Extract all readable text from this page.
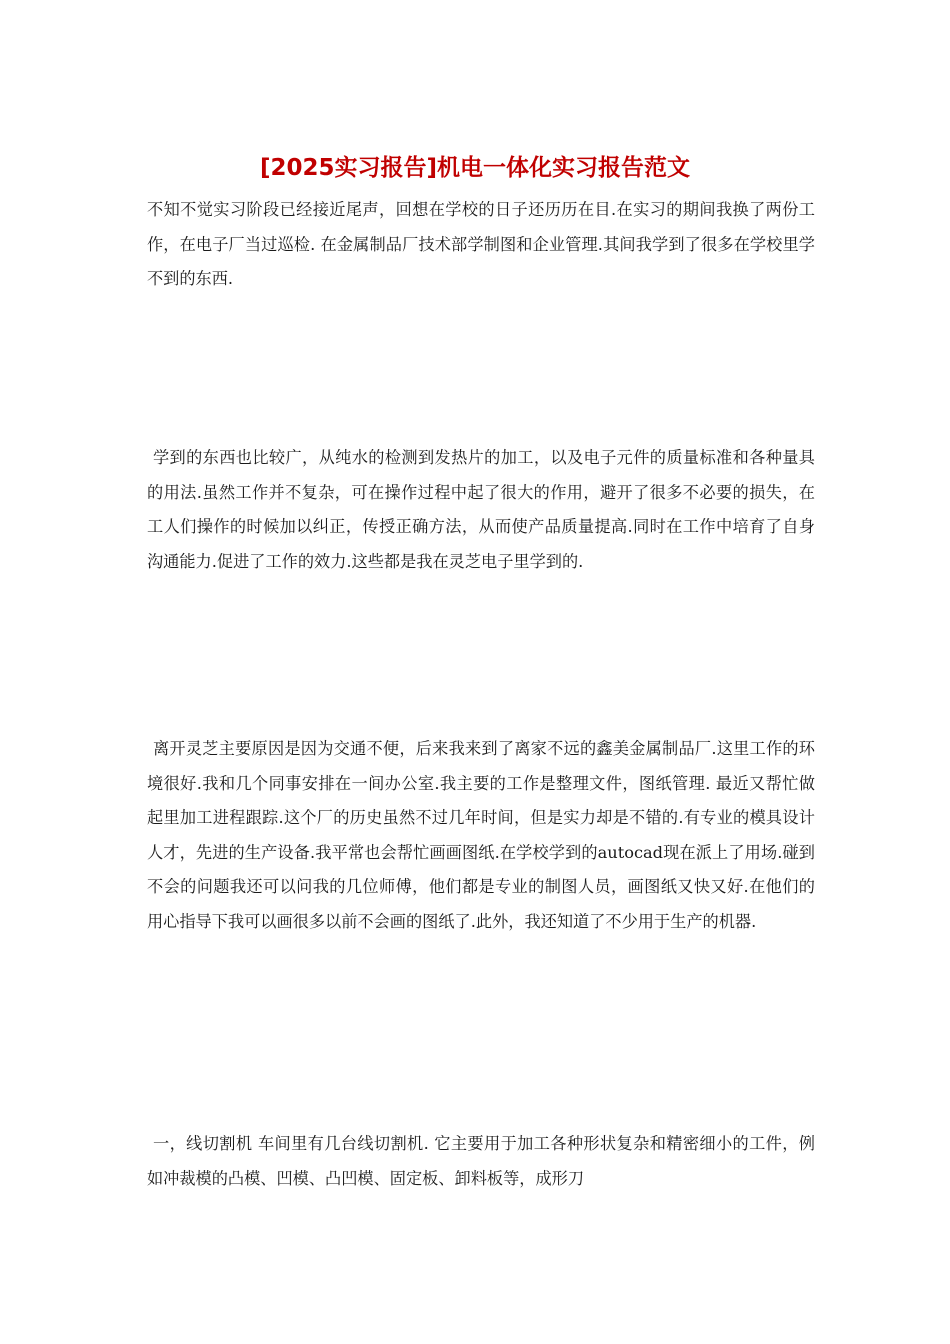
[2025实习报告]机电一体化实习报告范文

不知不觉实习阶段已经接近尾声，回想在学校的日子还历历在目.在实习的期间我换了两份工作，在电子厂当过巡检. 在金属制品厂技术部学制图和企业管理.其间我学到了很多在学校里学不到的东西.

学到的东西也比较广，从纯水的检测到发热片的加工，以及电子元件的质量标准和各种量具的用法.虽然工作并不复杂，可在操作过程中起了很大的作用，避开了很多不必要的损失，在工人们操作的时候加以纠正，传授正确方法，从而使产品质量提高.同时在工作中培育了自身沟通能力.促进了工作的效力.这些都是我在灵芝电子里学到的.

离开灵芝主要原因是因为交通不便，后来我来到了离家不远的鑫美金属制品厂.这里工作的环境很好.我和几个同事安排在一间办公室.我主要的工作是整理文件，图纸管理. 最近又帮忙做起里加工进程跟踪.这个厂的历史虽然不过几年时间，但是实力却是不错的.有专业的模具设计人才，先进的生产设备.我平常也会帮忙画画图纸.在学校学到的autocad现在派上了用场.碰到不会的问题我还可以问我的几位师傅，他们都是专业的制图人员，画图纸又快又好.在他们的用心指导下我可以画很多以前不会画的图纸了.此外，我还知道了不少用于生产的机器.

一，线切割机 车间里有几台线切割机. 它主要用于加工各种形状复杂和精密细小的工件，例如冲裁模的凸模、凹模、凸凹模、固定板、卸料板等，成形刀
